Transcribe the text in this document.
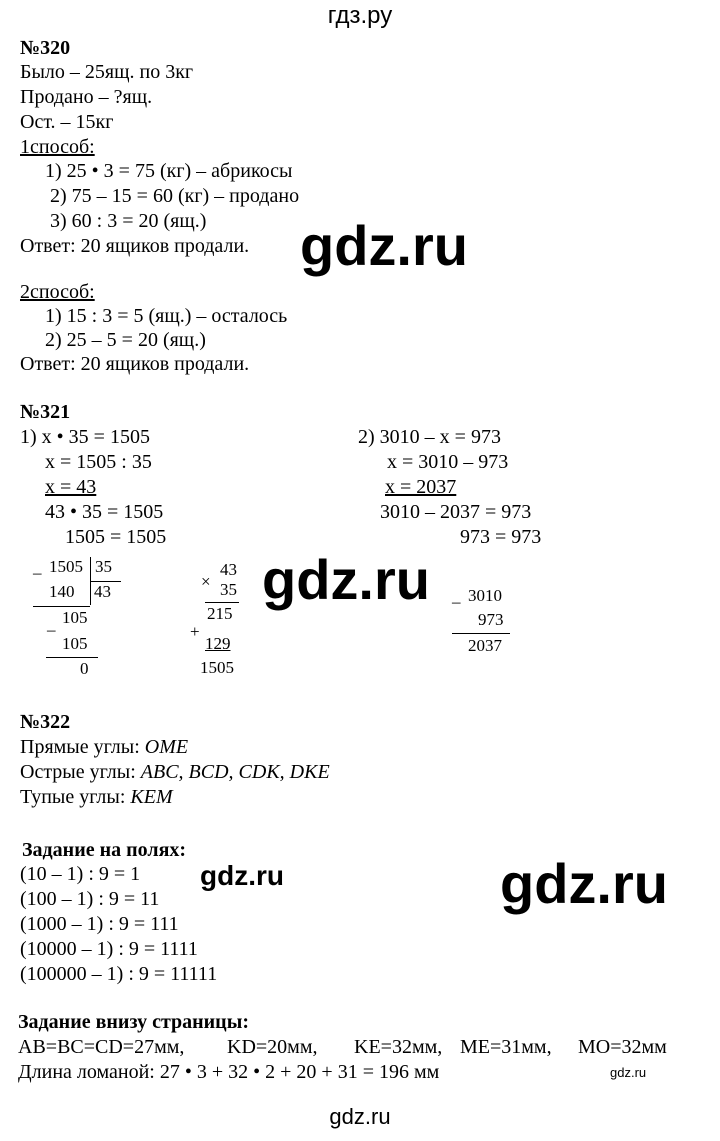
гдз.ру
№320
Было – 25ящ. по 3кг
Продано – ?ящ.
Ост. – 15кг
1способ:
1) 25 • 3 = 75 (кг) – абрикосы
2) 75 – 15 = 60 (кг) – продано
3) 60 : 3 = 20 (ящ.)
Ответ: 20 ящиков продали. gdz.ru
2способ:
1) 15 : 3 = 5 (ящ.) – осталось
2) 25 – 5 = 20 (ящ.)
Ответ: 20 ящиков продали.
№321
1) x • 35 = 1505
x = 1505 : 35
x = 43
43 • 35 = 1505
1505 = 1505
2) 3010 – x = 973
x = 3010 – 973
x = 2037
3010 – 2037 = 973
973 = 973
gdz.ru
– 1505 35
43
140
105
–
105
0
×
43
35
215
+
129
1505
– 3010
973
2037
№322
Прямые углы: OME
Острые углы: ABC, BCD, CDK, DKE
Тупые углы: KEM
Задание на полях:
(10 – 1) : 9 = 1 gdz.ru
(100 – 1) : 9 = 11
(1000 – 1) : 9 = 111
(10000 – 1) : 9 = 1111
(100000 – 1) : 9 = 11111
gdz.ru
Задание внизу страницы:
AB=BC=CD=27мм, KD=20мм, KE=32мм, ME=31мм, MO=32мм
Длина ломаной: 27 • 3 + 32 • 2 + 20 + 31 = 196 мм	gdz.ru
gdz.ru
